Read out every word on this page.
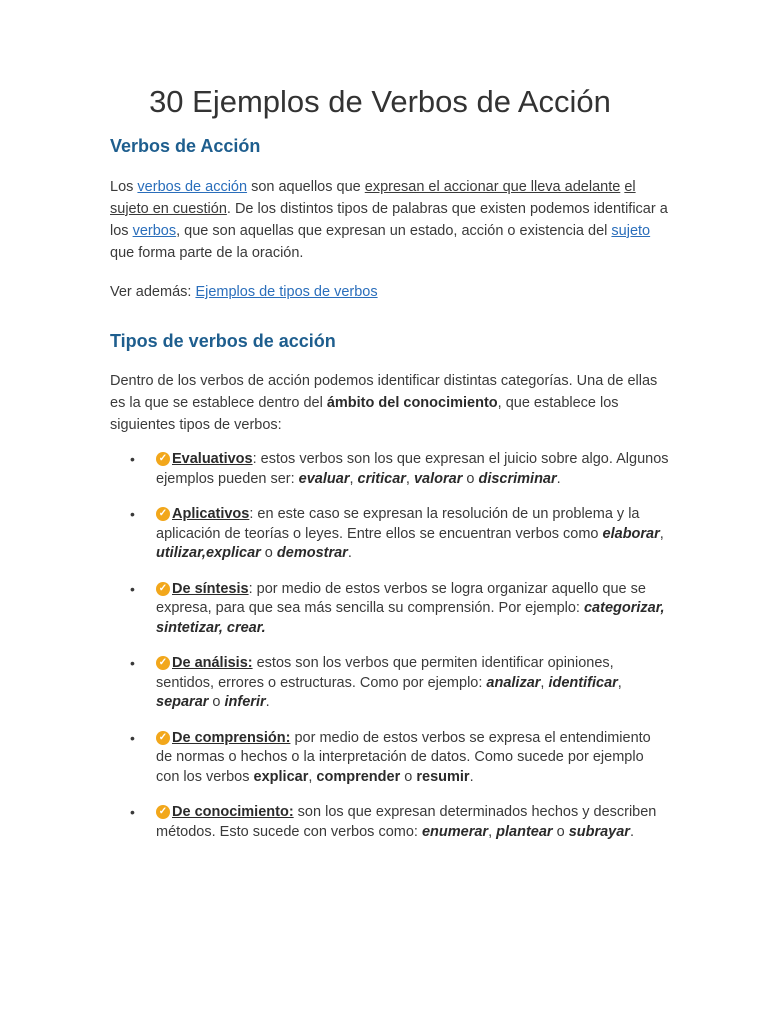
30 Ejemplos de Verbos de Acción
Verbos de Acción

Los verbos de acción son aquellos que expresan el accionar que lleva adelante el sujeto en cuestión. De los distintos tipos de palabras que existen podemos identificar a los verbos, que son aquellas que expresan un estado, acción o existencia del sujeto que forma parte de la oración.

Ver además: Ejemplos de tipos de verbos

Tipos de verbos de acción

Dentro de los verbos de acción podemos identificar distintas categorías. Una de ellas es la que se establece dentro del ámbito del conocimiento, que establece los siguientes tipos de verbos:

• ✓ Evaluativos: estos verbos son los que expresan el juicio sobre algo. Algunos ejemplos pueden ser: evaluar, criticar, valorar o discriminar.
• ✓ Aplicativos: en este caso se expresan la resolución de un problema y la aplicación de teorías o leyes. Entre ellos se encuentran verbos como elaborar, utilizar,explicar o demostrar.
• ✓ De síntesis: por medio de estos verbos se logra organizar aquello que se expresa, para que sea más sencilla su comprensión. Por ejemplo: categorizar, sintetizar, crear.
• ✓ De análisis: estos son los verbos que permiten identificar opiniones, sentidos, errores o estructuras. Como por ejemplo: analizar, identificar, separar o inferir.
• ✓ De comprensión: por medio de estos verbos se expresa el entendimiento de normas o hechos o la interpretación de datos. Como sucede por ejemplo con los verbos explicar, comprender o resumir.
• ✓ De conocimiento: son los que expresan determinados hechos y describen métodos. Esto sucede con verbos como: enumerar, plantear o subrayar.
